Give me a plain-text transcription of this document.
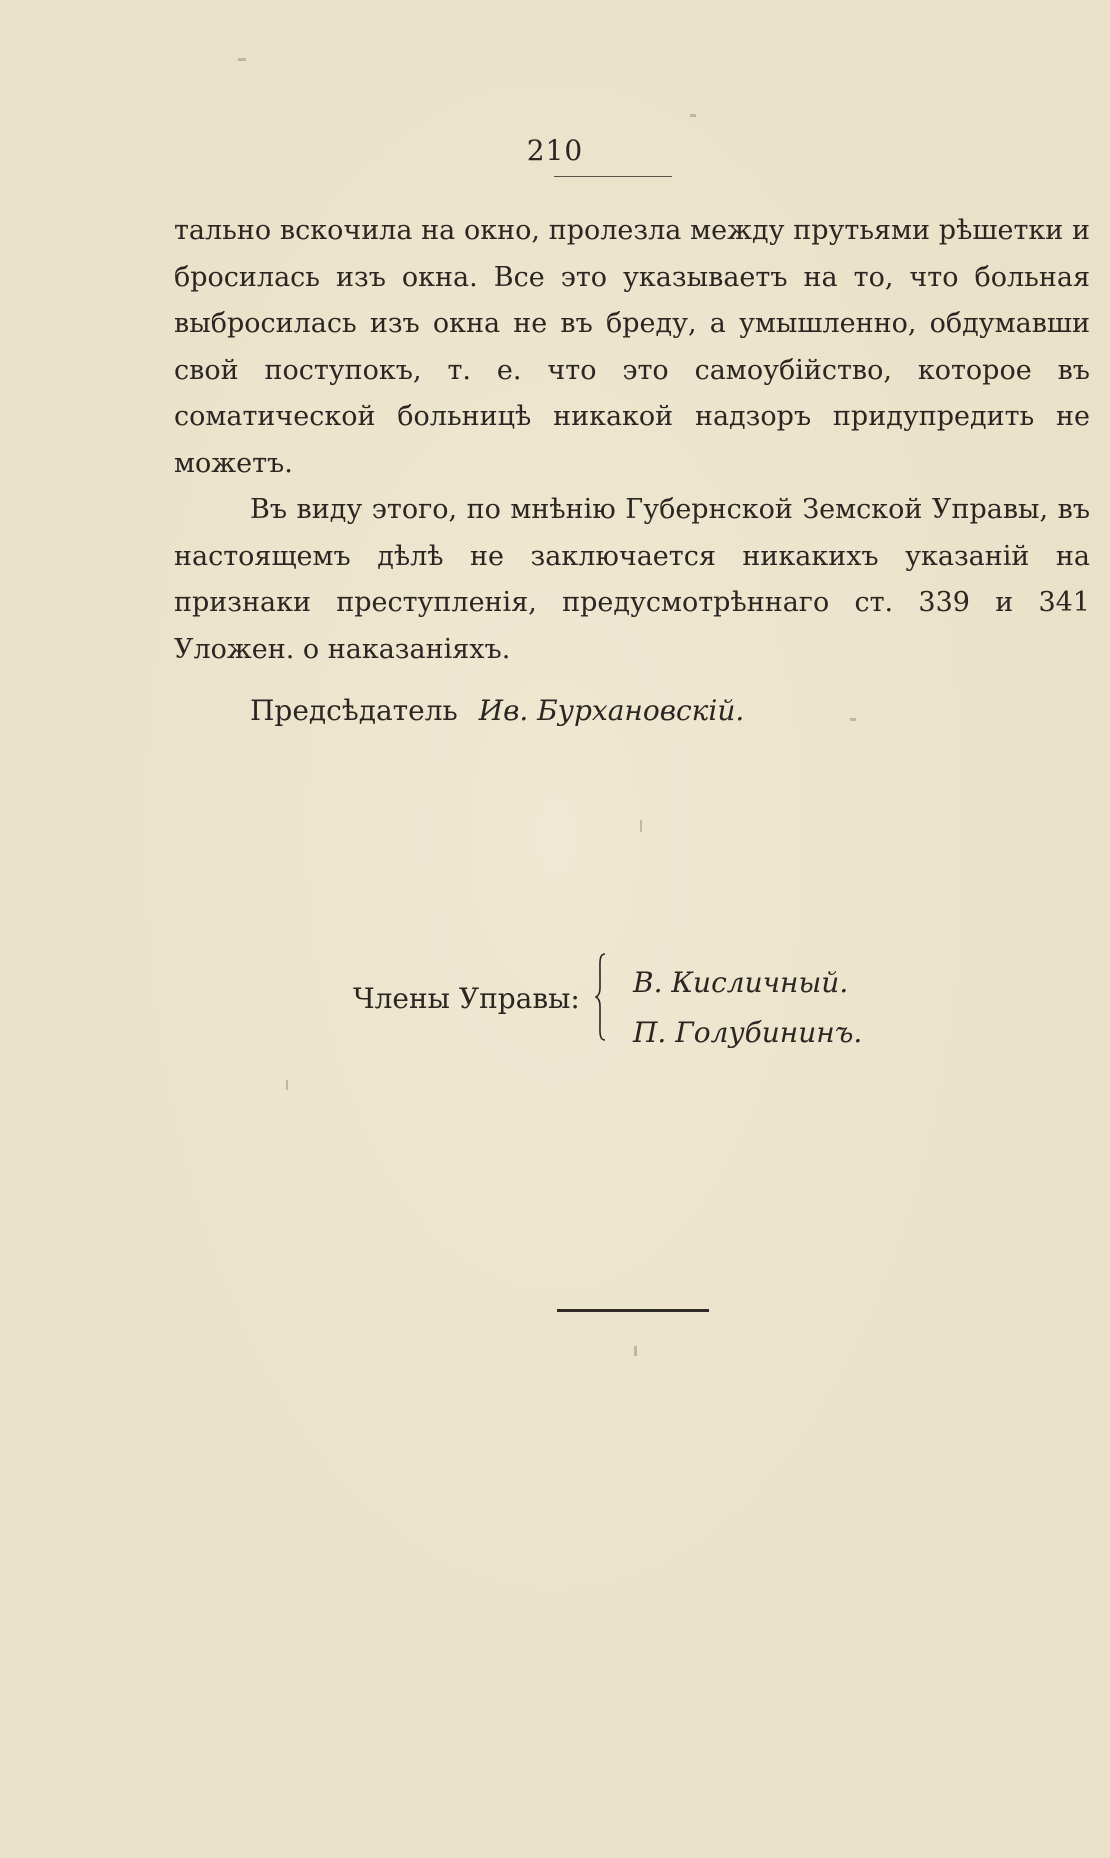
210

тально вскочила на окно, пролезла между прутьями рѣшетки и бросилась изъ окна. Все это указываетъ на то, что больная выбросилась изъ окна не въ бреду, а умышленно, обдумавши свой поступокъ, т. е. что это самоубійство, которое въ соматической больницѣ никакой надзоръ придупредить не можетъ.

Въ виду этого, по мнѣнію Губернской Земской Управы, въ настоящемъ дѣлѣ не заключается никакихъ указаній на признаки преступленія, предусмотрѣннаго ст. 339 и 341 Уложен. о наказаніяхъ.

Предсѣдатель Ив. Бурхановскій.
Члены Управы: В. Кисличный.
П. Голубининъ.
